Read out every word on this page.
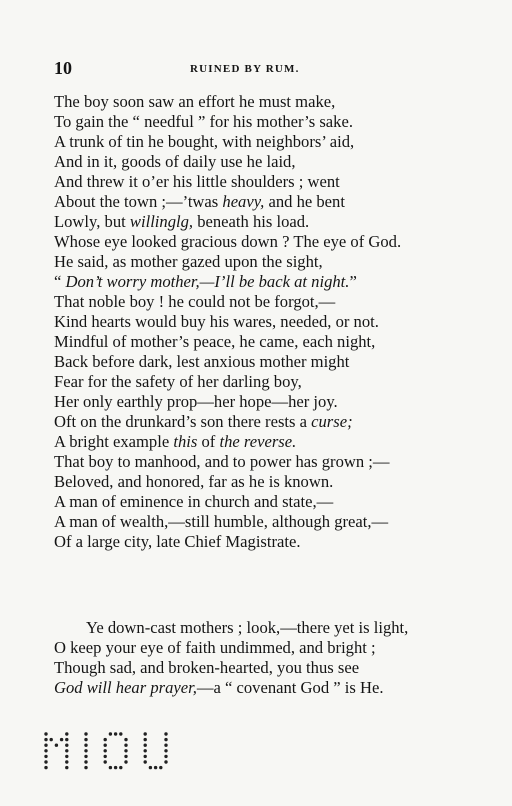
10	RUINED BY RUM.
The boy soon saw an effort he must make,
To gain the “ needful ” for his mother’s sake.
A trunk of tin he bought, with neighbors’ aid,
And in it, goods of daily use he laid,
And threw it o’er his little shoulders ; went
About the town ;—’twas heavy, and he bent
Lowly, but willinglg, beneath his load.
Whose eye looked gracious down ? The eye of God.
He said, as mother gazed upon the sight,
“ Don’t worry mother,—I’ll be back at night.”
That noble boy ! he could not be forgot,—
Kind hearts would buy his wares, needed, or not.
Mindful of mother’s peace, he came, each night,
Back before dark, lest anxious mother might
Fear for the safety of her darling boy,
Her only earthly prop—her hope—her joy.
Oft on the drunkard’s son there rests a curse;
A bright example this of the reverse.
That boy to manhood, and to power has grown ;—
Beloved, and honored, far as he is known.
A man of eminence in church and state,—
A man of wealth,—still humble, although great,—
Of a large city, late Chief Magistrate.
Ye down-cast mothers ; look,—there yet is light,
O keep your eye of faith undimmed, and bright ;
Though sad, and broken-hearted, you thus see
God will hear prayer,—a “ covenant God ” is He.
